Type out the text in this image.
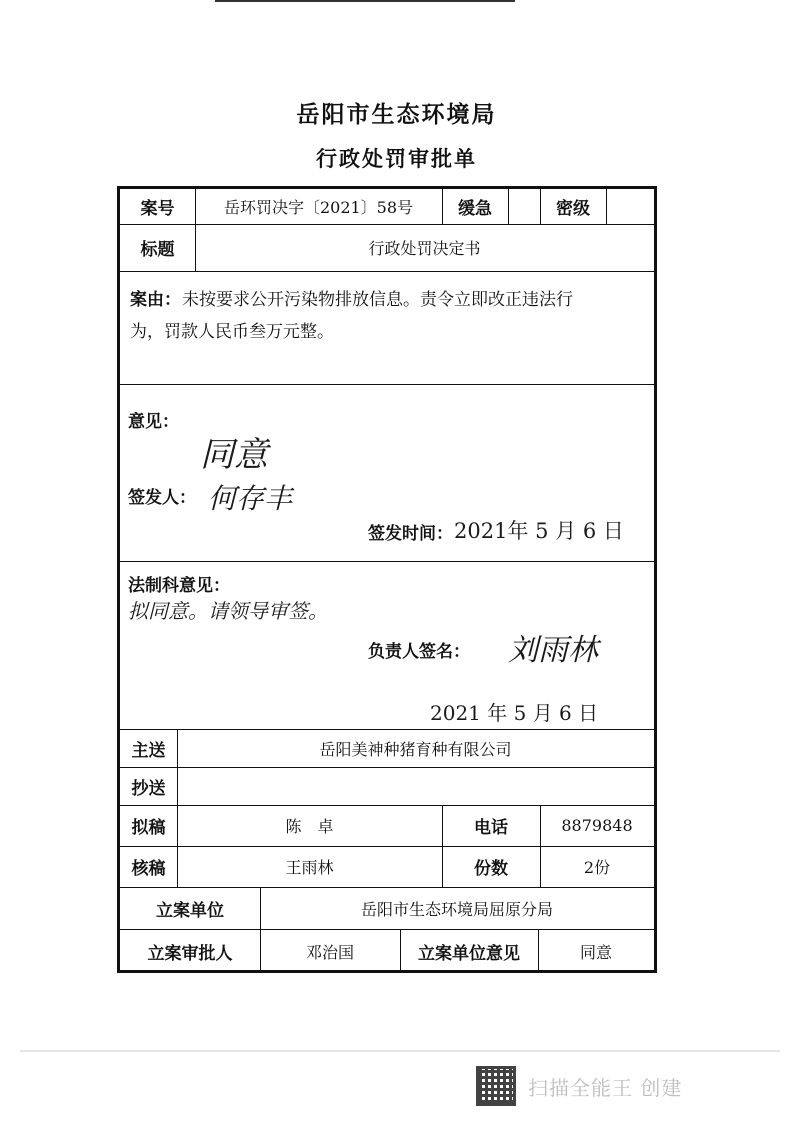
岳阳市生态环境局
行政处罚审批单
案号	岳环罚决字〔2021〕58号	缓急	密级
标题	行政处罚决定书
案由： 未按要求公开污染物排放信息。责令立即改正违法行
为，罚款人民币叁万元整。
意见：
同意
签发人： 何存丰
签发时间： 2021年 5 月 6 日
法制科意见：
拟同意。请领导审签。
负责人签名： 刘雨林
2021 年 5 月 6 日
主送	岳阳美神种猪育种有限公司
抄送
拟稿	陈　卓	电话	8879848
核稿	王雨林	份数	2份
立案单位	岳阳市生态环境局屈原分局
立案审批人	邓治国	立案单位意见	同意
扫描全能王 创建
